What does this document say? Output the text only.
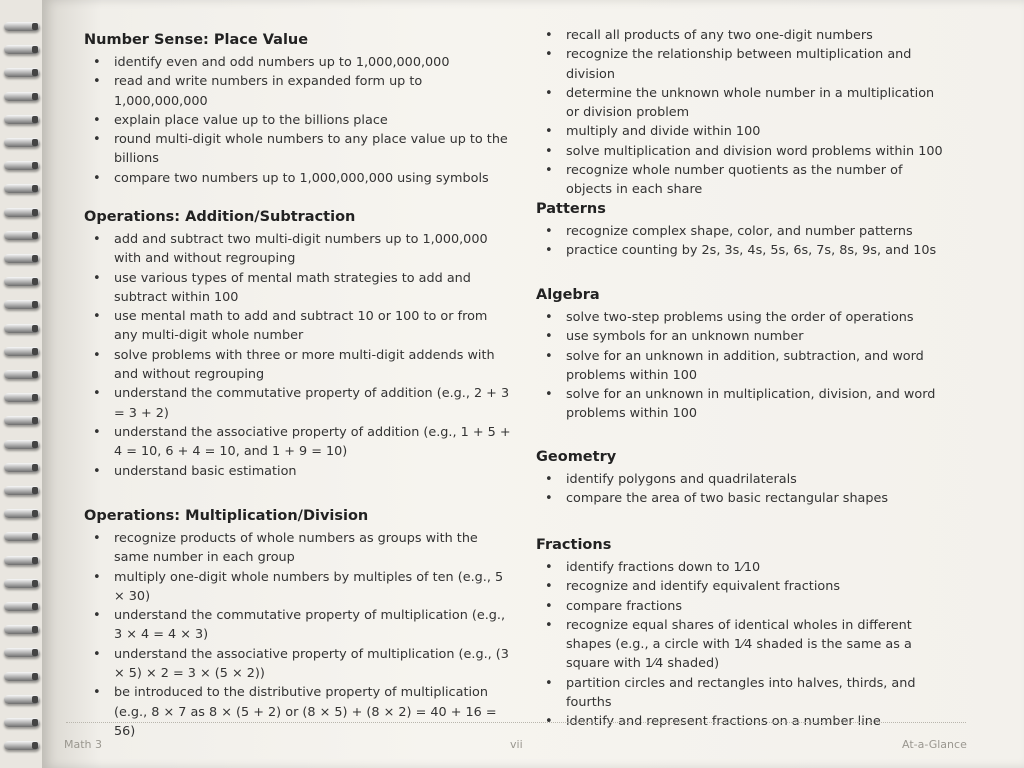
Number Sense: Place Value
• identify even and odd numbers up to 1,000,000,000
• read and write numbers in expanded form up to 1,000,000,000
• explain place value up to the billions place
• round multi-digit whole numbers to any place value up to the billions
• compare two numbers up to 1,000,000,000 using symbols
Operations: Addition/Subtraction
• add and subtract two multi-digit numbers up to 1,000,000 with and without regrouping
• use various types of mental math strategies to add and subtract within 100
• use mental math to add and subtract 10 or 100 to or from any multi-digit whole number
• solve problems with three or more multi-digit addends with and without regrouping
• understand the commutative property of addition (e.g., 2 + 3 = 3 + 2)
• understand the associative property of addition (e.g., 1 + 5 + 4 = 10, 6 + 4 = 10, and 1 + 9 = 10)
• understand basic estimation
Operations: Multiplication/Division
• recognize products of whole numbers as groups with the same number in each group
• multiply one-digit whole numbers by multiples of ten (e.g., 5 × 30)
• understand the commutative property of multiplication (e.g., 3 × 4 = 4 × 3)
• understand the associative property of multiplication (e.g., (3 × 5) × 2 = 3 × (5 × 2))
• be introduced to the distributive property of multiplication (e.g., 8 × 7 as 8 × (5 + 2) or (8 × 5) + (8 × 2) = 40 + 16 = 56)
• recall all products of any two one-digit numbers
• recognize the relationship between multiplication and division
• determine the unknown whole number in a multiplication or division problem
• multiply and divide within 100
• solve multiplication and division word problems within 100
• recognize whole number quotients as the number of objects in each share
Patterns
• recognize complex shape, color, and number patterns
• practice counting by 2s, 3s, 4s, 5s, 6s, 7s, 8s, 9s, and 10s
Algebra
• solve two-step problems using the order of operations
• use symbols for an unknown number
• solve for an unknown in addition, subtraction, and word problems within 100
• solve for an unknown in multiplication, division, and word problems within 100
Geometry
• identify polygons and quadrilaterals
• compare the area of two basic rectangular shapes
Fractions
• identify fractions down to 1⁄10
• recognize and identify equivalent fractions
• compare fractions
• recognize equal shares of identical wholes in different shapes (e.g., a circle with 1⁄4 shaded is the same as a square with 1⁄4 shaded)
• partition circles and rectangles into halves, thirds, and fourths
• identify and represent fractions on a number line
Math 3	vii	At-a-Glance
